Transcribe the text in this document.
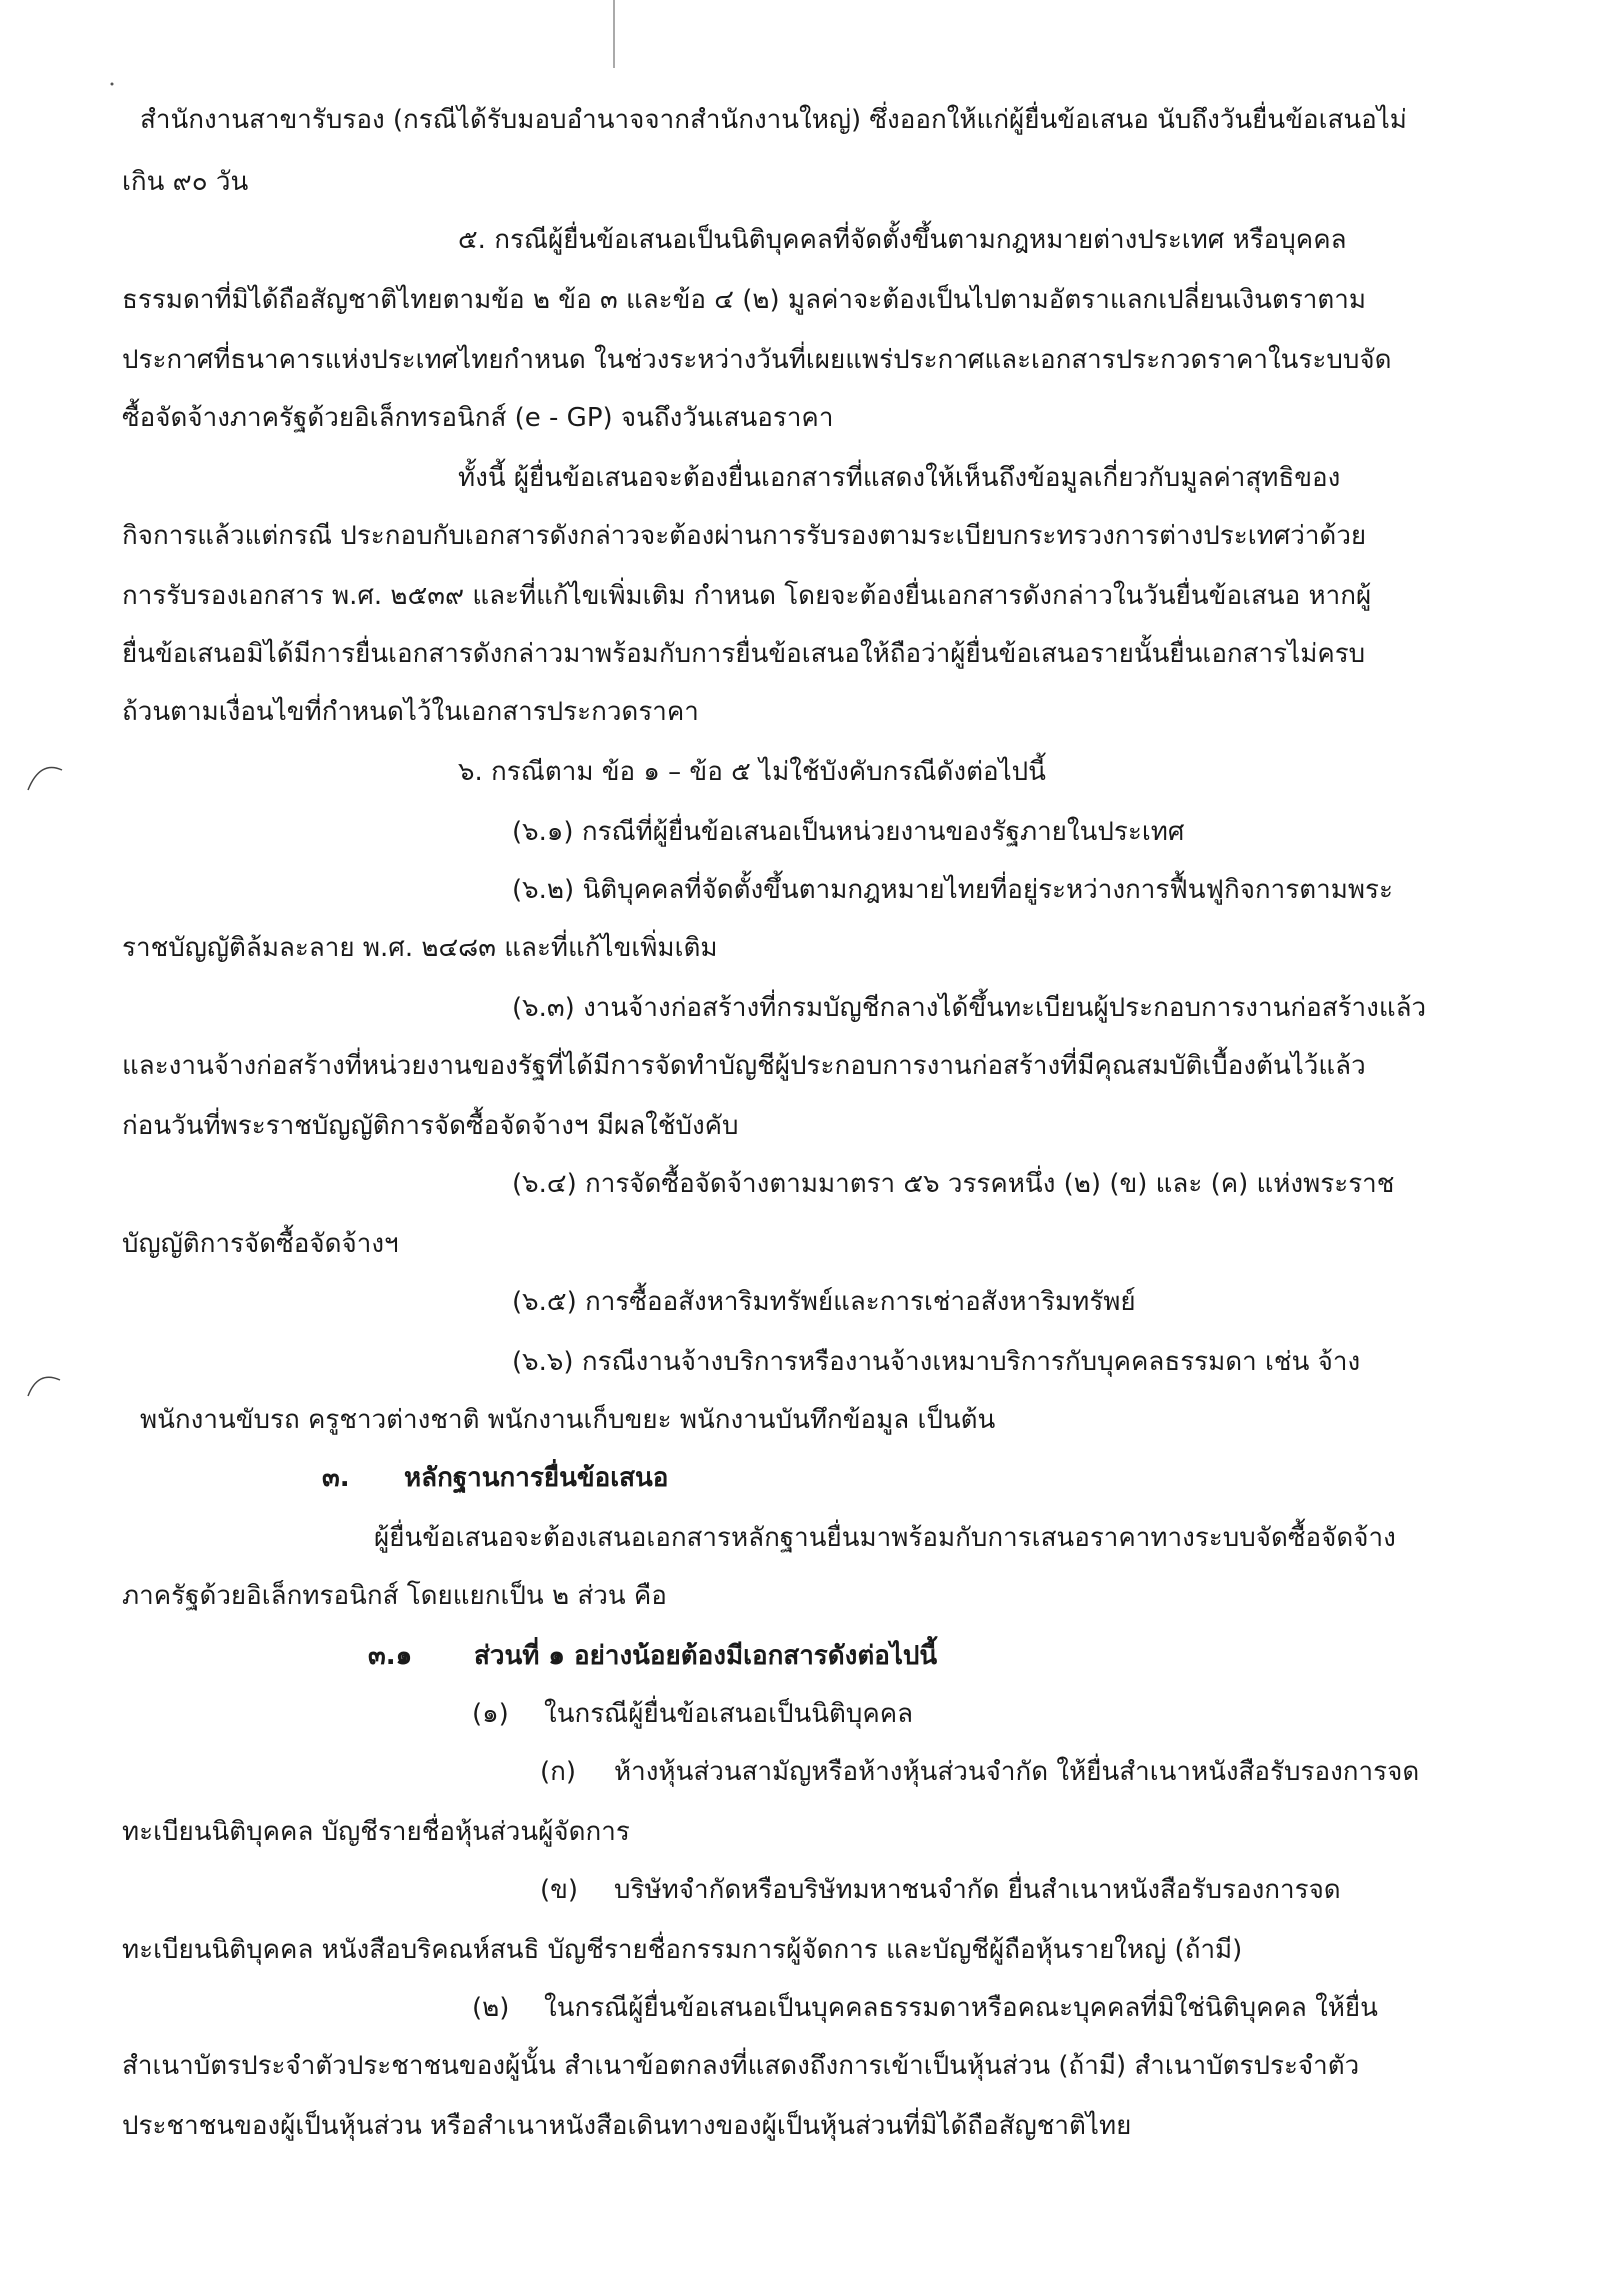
สำนักงานสาขารับรอง (กรณีได้รับมอบอำนาจจากสำนักงานใหญ่) ซึ่งออกให้แก่ผู้ยื่นข้อเสนอ นับถึงวันยื่นข้อเสนอไม่

เกิน ๙๐ วัน

๕. กรณีผู้ยื่นข้อเสนอเป็นนิติบุคคลที่จัดตั้งขึ้นตามกฎหมายต่างประเทศ หรือบุคคล

ธรรมดาที่มิได้ถือสัญชาติไทยตามข้อ ๒ ข้อ ๓ และข้อ ๔ (๒) มูลค่าจะต้องเป็นไปตามอัตราแลกเปลี่ยนเงินตราตาม

ประกาศที่ธนาคารแห่งประเทศไทยกำหนด ในช่วงระหว่างวันที่เผยแพร่ประกาศและเอกสารประกวดราคาในระบบจัด

ซื้อจัดจ้างภาครัฐด้วยอิเล็กทรอนิกส์ (e - GP) จนถึงวันเสนอราคา

ทั้งนี้ ผู้ยื่นข้อเสนอจะต้องยื่นเอกสารที่แสดงให้เห็นถึงข้อมูลเกี่ยวกับมูลค่าสุทธิของ

กิจการแล้วแต่กรณี ประกอบกับเอกสารดังกล่าวจะต้องผ่านการรับรองตามระเบียบกระทรวงการต่างประเทศว่าด้วย

การรับรองเอกสาร พ.ศ. ๒๕๓๙ และที่แก้ไขเพิ่มเติม กำหนด โดยจะต้องยื่นเอกสารดังกล่าวในวันยื่นข้อเสนอ หากผู้

ยื่นข้อเสนอมิได้มีการยื่นเอกสารดังกล่าวมาพร้อมกับการยื่นข้อเสนอให้ถือว่าผู้ยื่นข้อเสนอรายนั้นยื่นเอกสารไม่ครบ

ถ้วนตามเงื่อนไขที่กำหนดไว้ในเอกสารประกวดราคา

๖. กรณีตาม ข้อ ๑ – ข้อ ๕ ไม่ใช้บังคับกรณีดังต่อไปนี้

(๖.๑) กรณีที่ผู้ยื่นข้อเสนอเป็นหน่วยงานของรัฐภายในประเทศ

(๖.๒) นิติบุคคลที่จัดตั้งขึ้นตามกฎหมายไทยที่อยู่ระหว่างการฟื้นฟูกิจการตามพระ

ราชบัญญัติล้มละลาย พ.ศ. ๒๔๘๓ และที่แก้ไขเพิ่มเติม

(๖.๓) งานจ้างก่อสร้างที่กรมบัญชีกลางได้ขึ้นทะเบียนผู้ประกอบการงานก่อสร้างแล้ว

และงานจ้างก่อสร้างที่หน่วยงานของรัฐที่ได้มีการจัดทำบัญชีผู้ประกอบการงานก่อสร้างที่มีคุณสมบัติเบื้องต้นไว้แล้ว

ก่อนวันที่พระราชบัญญัติการจัดซื้อจัดจ้างฯ มีผลใช้บังคับ

(๖.๔) การจัดซื้อจัดจ้างตามมาตรา ๕๖ วรรคหนึ่ง (๒) (ข) และ (ค) แห่งพระราช

บัญญัติการจัดซื้อจัดจ้างฯ

(๖.๕) การซื้ออสังหาริมทรัพย์และการเช่าอสังหาริมทรัพย์

(๖.๖) กรณีงานจ้างบริการหรืองานจ้างเหมาบริการกับบุคคลธรรมดา เช่น จ้าง

พนักงานขับรถ ครูชาวต่างชาติ พนักงานเก็บขยะ พนักงานบันทึกข้อมูล เป็นต้น

๓. หลักฐานการยื่นข้อเสนอ

ผู้ยื่นข้อเสนอจะต้องเสนอเอกสารหลักฐานยื่นมาพร้อมกับการเสนอราคาทางระบบจัดซื้อจัดจ้าง

ภาครัฐด้วยอิเล็กทรอนิกส์ โดยแยกเป็น ๒ ส่วน คือ

๓.๑ ส่วนที่ ๑ อย่างน้อยต้องมีเอกสารดังต่อไปนี้

(๑) ในกรณีผู้ยื่นข้อเสนอเป็นนิติบุคคล

(ก) ห้างหุ้นส่วนสามัญหรือห้างหุ้นส่วนจำกัด ให้ยื่นสำเนาหนังสือรับรองการจด

ทะเบียนนิติบุคคล บัญชีรายชื่อหุ้นส่วนผู้จัดการ

(ข) บริษัทจำกัดหรือบริษัทมหาชนจำกัด ยื่นสำเนาหนังสือรับรองการจด

ทะเบียนนิติบุคคล หนังสือบริคณห์สนธิ บัญชีรายชื่อกรรมการผู้จัดการ และบัญชีผู้ถือหุ้นรายใหญ่ (ถ้ามี)

(๒) ในกรณีผู้ยื่นข้อเสนอเป็นบุคคลธรรมดาหรือคณะบุคคลที่มิใช่นิติบุคคล ให้ยื่น

สำเนาบัตรประจำตัวประชาชนของผู้นั้น สำเนาข้อตกลงที่แสดงถึงการเข้าเป็นหุ้นส่วน (ถ้ามี) สำเนาบัตรประจำตัว

ประชาชนของผู้เป็นหุ้นส่วน หรือสำเนาหนังสือเดินทางของผู้เป็นหุ้นส่วนที่มิได้ถือสัญชาติไทย
